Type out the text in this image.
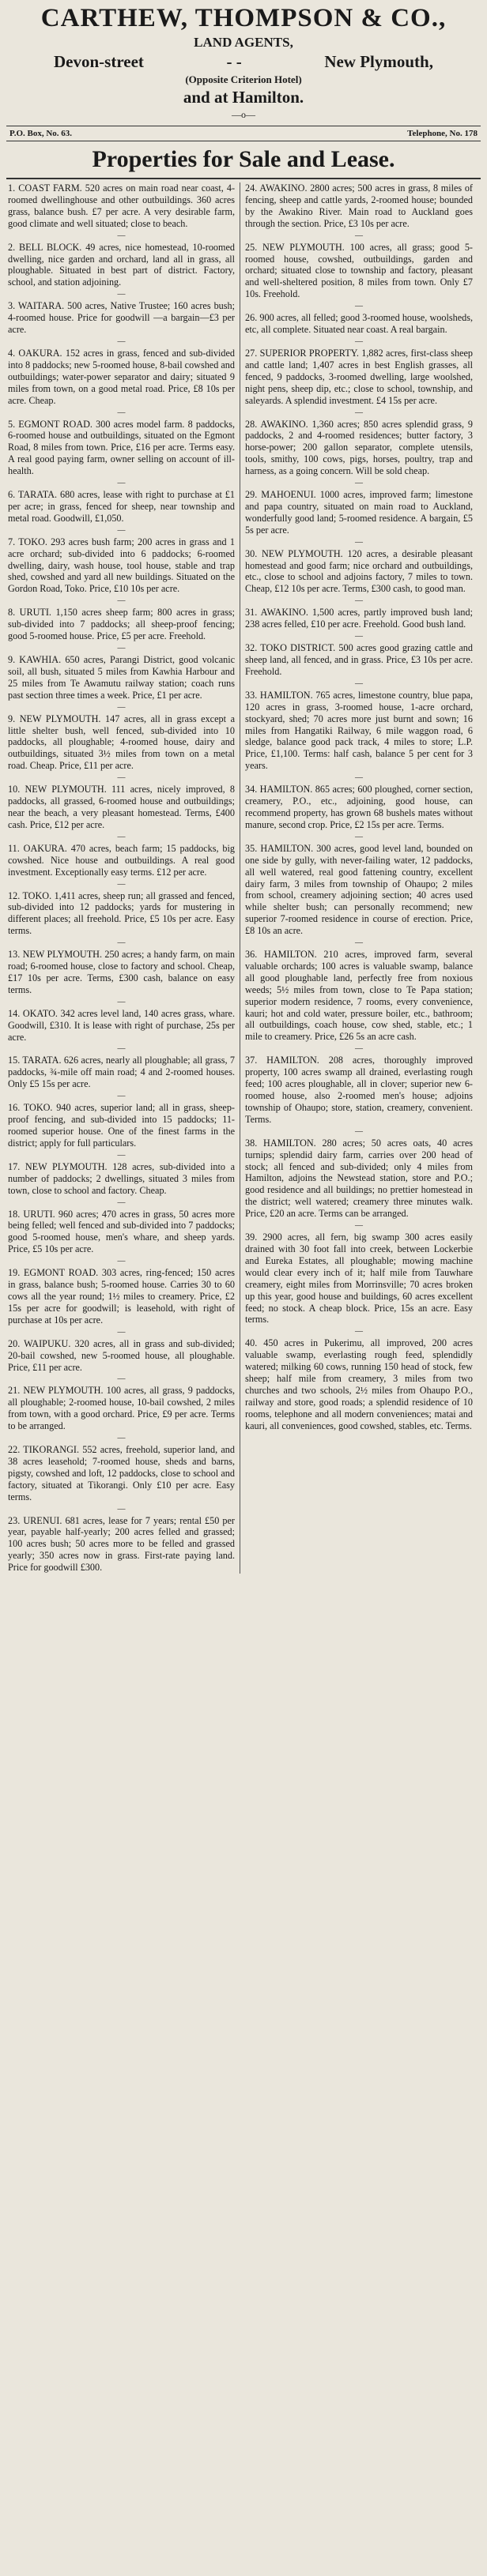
CARTHEW, THOMPSON & CO.,

LAND AGENTS,

Devon-street	- -	New Plymouth,

(Opposite Criterion Hotel)

and at Hamilton.

—o—

P.O. Box, No. 63.	Telephone, No. 178
Properties for Sale and Lease.

1. COAST FARM. 520 acres on main road near coast, 4-roomed dwellinghouse and other outbuildings. 360 acres grass, balance bush. £7 per acre. A very desirable farm, good climate and well situated; close to beach.

—

2. BELL BLOCK. 49 acres, nice homestead, 10-roomed dwelling, nice garden and orchard, land all in grass, all ploughable. Situated in best part of district. Factory, school, and station adjoining.

—

3. WAITARA. 500 acres, Native Trustee; 160 acres bush; 4-roomed house. Price for goodwill —a bargain—£3 per acre.

—

4. OAKURA. 152 acres in grass, fenced and sub-divided into 8 paddocks; new 5-roomed house, 8-bail cowshed and outbuildings; water-power separator and dairy; situated 9 miles from town, on a good metal road. Price, £8 10s per acre. Cheap.

—

5. EGMONT ROAD. 300 acres model farm. 8 paddocks, 6-roomed house and outbuildings, situated on the Egmont Road, 8 miles from town. Price, £16 per acre. Terms easy. A real good paying farm, owner selling on account of ill-health.

—

6. TARATA. 680 acres, lease with right to purchase at £1 per acre; in grass, fenced for sheep, near township and metal road. Goodwill, £1,050.

—

7. TOKO. 293 acres bush farm; 200 acres in grass and 1 acre orchard; sub-divided into 6 paddocks; 6-roomed dwelling, dairy, wash house, tool house, stable and trap shed, cowshed and yard all new buildings. Situated on the Gordon Road, Toko. Price, £10 10s per acre.

—

8. URUTI. 1,150 acres sheep farm; 800 acres in grass; sub-divided into 7 paddocks; all sheep-proof fencing; good 5-roomed house. Price, £5 per acre. Freehold.

—

9. KAWHIA. 650 acres, Parangi District, good volcanic soil, all bush, situated 5 miles from Kawhia Harbour and 25 miles from Te Awamutu railway station; coach runs past section three times a week. Price, £1 per acre.

—

9. NEW PLYMOUTH. 147 acres, all in grass except a little shelter bush, well fenced, sub-divided into 10 paddocks, all ploughable; 4-roomed house, dairy and outbuildings, situated 3½ miles from town on a metal road. Cheap. Price, £11 per acre.

—

10. NEW PLYMOUTH. 111 acres, nicely improved, 8 paddocks, all grassed, 6-roomed house and outbuildings; near the beach, a very pleasant homestead. Terms, £400 cash. Price, £12 per acre.

—

11. OAKURA. 470 acres, beach farm; 15 paddocks, big cowshed. Nice house and outbuildings. A real good investment. Exceptionally easy terms. £12 per acre.

—

12. TOKO. 1,411 acres, sheep run; all grassed and fenced, sub-divided into 12 paddocks; yards for mustering in different places; all freehold. Price, £5 10s per acre. Easy terms.

—

13. NEW PLYMOUTH. 250 acres; a handy farm, on main road; 6-roomed house, close to factory and school. Cheap, £17 10s per acre. Terms, £300 cash, balance on easy terms.

—

14. OKATO. 342 acres level land, 140 acres grass, whare. Goodwill, £310. It is lease with right of purchase, 25s per acre.

—

15. TARATA. 626 acres, nearly all ploughable; all grass, 7 paddocks, ¾-mile off main road; 4 and 2-roomed houses. Only £5 15s per acre.

—

16. TOKO. 940 acres, superior land; all in grass, sheep-proof fencing, and sub-divided into 15 paddocks; 11-roomed superior house. One of the finest farms in the district; apply for full particulars.

—

17. NEW PLYMOUTH. 128 acres, sub-divided into a number of paddocks; 2 dwellings, situated 3 miles from town, close to school and factory. Cheap.

—

18. URUTI. 960 acres; 470 acres in grass, 50 acres more being felled; well fenced and sub-divided into 7 paddocks; good 5-roomed house, men's whare, and sheep yards. Price, £5 10s per acre.

—

19. EGMONT ROAD. 303 acres, ring-fenced; 150 acres in grass, balance bush; 5-roomed house. Carries 30 to 60 cows all the year round; 1½ miles to creamery. Price, £2 15s per acre for goodwill; is leasehold, with right of purchase at 10s per acre.

—

20. WAIPUKU. 320 acres, all in grass and sub-divided; 20-bail cowshed, new 5-roomed house, all ploughable. Price, £11 per acre.

—

21. NEW PLYMOUTH. 100 acres, all grass, 9 paddocks, all ploughable; 2-roomed house, 10-bail cowshed, 2 miles from town, with a good orchard. Price, £9 per acre. Terms to be arranged.

—

22. TIKORANGI. 552 acres, freehold, superior land, and 38 acres leasehold; 7-roomed house, sheds and barns, pigsty, cowshed and loft, 12 paddocks, close to school and factory, situated at Tikorangi. Only £10 per acre. Easy terms.

—

23. URENUI. 681 acres, lease for 7 years; rental £50 per year, payable half-yearly; 200 acres felled and grassed; 100 acres bush; 50 acres more to be felled and grassed yearly; 350 acres now in grass. First-rate paying land. Price for goodwill £300.

24. AWAKINO. 2800 acres; 500 acres in grass, 8 miles of fencing, sheep and cattle yards, 2-roomed house; bounded by the Awakino River. Main road to Auckland goes through the section. Price, £3 10s per acre.

—

25. NEW PLYMOUTH. 100 acres, all grass; good 5-roomed house, cowshed, outbuildings, garden and orchard; situated close to township and factory, pleasant and well-sheltered position, 8 miles from town. Only £7 10s. Freehold.

—

26. 900 acres, all felled; good 3-roomed house, woolsheds, etc, all complete. Situated near coast. A real bargain.

—

27. SUPERIOR PROPERTY. 1,882 acres, first-class sheep and cattle land; 1,407 acres in best English grasses, all fenced, 9 paddocks, 3-roomed dwelling, large woolshed, night pens, sheep dip, etc.; close to school, township, and saleyards. A splendid investment. £4 15s per acre.

—

28. AWAKINO. 1,360 acres; 850 acres splendid grass, 9 paddocks, 2 and 4-roomed residences; butter factory, 3 horse-power; 200 gallon separator, complete utensils, tools, smithy, 100 cows, pigs, horses, poultry, trap and harness, as a going concern. Will be sold cheap.

—

29. MAHOENUI. 1000 acres, improved farm; limestone and papa country, situated on main road to Auckland, wonderfully good land; 5-roomed residence. A bargain, £5 5s per acre.

—

30. NEW PLYMOUTH. 120 acres, a desirable pleasant homestead and good farm; nice orchard and outbuildings, etc., close to school and adjoins factory, 7 miles to town. Cheap, £12 10s per acre. Terms, £300 cash, to good man.

—

31. AWAKINO. 1,500 acres, partly improved bush land; 238 acres felled, £10 per acre. Freehold. Good bush land.

—

32. TOKO DISTRICT. 500 acres good grazing cattle and sheep land, all fenced, and in grass. Price, £3 10s per acre. Freehold.

—

33. HAMILTON. 765 acres, limestone country, blue papa, 120 acres in grass, 3-roomed house, 1-acre orchard, stockyard, shed; 70 acres more just burnt and sown; 16 miles from Hangatiki Railway, 6 mile waggon road, 6 sledge, balance good pack track, 4 miles to store; L.P. Price, £1,100. Terms: half cash, balance 5 per cent for 3 years.

—

34. HAMILTON. 865 acres; 600 ploughed, corner section, creamery, P.O., etc., adjoining, good house, can recommend property, has grown 68 bushels mates without manure, second crop. Price, £2 15s per acre. Terms.

—

35. HAMILTON. 300 acres, good level land, bounded on one side by gully, with never-failing water, 12 paddocks, all well watered, real good fattening country, excellent dairy farm, 3 miles from township of Ohaupo; 2 miles from school, creamery adjoining section; 40 acres used while shelter bush; can personally recommend; new superior 7-roomed residence in course of erection. Price, £8 10s an acre.

—

36. HAMILTON. 210 acres, improved farm, several valuable orchards; 100 acres is valuable swamp, balance all good ploughable land, perfectly free from noxious weeds; 5½ miles from town, close to Te Papa station; superior modern residence, 7 rooms, every convenience, kauri; hot and cold water, pressure boiler, etc., bathroom; all outbuildings, coach house, cow shed, stable, etc.; 1 mile to creamery. Price, £26 5s an acre cash.

—

37. HAMILTON. 208 acres, thoroughly improved property, 100 acres swamp all drained, everlasting rough feed; 100 acres ploughable, all in clover; superior new 6-roomed house, also 2-roomed men's house; adjoins township of Ohaupo; store, station, creamery, convenient. Terms.

—

38. HAMILTON. 280 acres; 50 acres oats, 40 acres turnips; splendid dairy farm, carries over 200 head of stock; all fenced and sub-divided; only 4 miles from Hamilton, adjoins the Newstead station, store and P.O.; good residence and all buildings; no prettier homestead in the district; well watered; creamery three minutes walk. Price, £20 an acre. Terms can be arranged.

—

39. 2900 acres, all fern, big swamp 300 acres easily drained with 30 foot fall into creek, between Lockerbie and Eureka Estates, all ploughable; mowing machine would clear every inch of it; half mile from Tauwhare creamery, eight miles from Morrinsville; 70 acres broken up this year, good house and buildings, 60 acres excellent feed; no stock. A cheap block. Price, 15s an acre. Easy terms.

—

40. 450 acres in Pukerimu, all improved, 200 acres valuable swamp, everlasting rough feed, splendidly watered; milking 60 cows, running 150 head of stock, few sheep; half mile from creamery, 3 miles from two churches and two schools, 2½ miles from Ohaupo P.O., railway and store, good roads; a splendid residence of 10 rooms, telephone and all modern conveniences; matai and kauri, all conveniences, good cowshed, stables, etc. Terms.
